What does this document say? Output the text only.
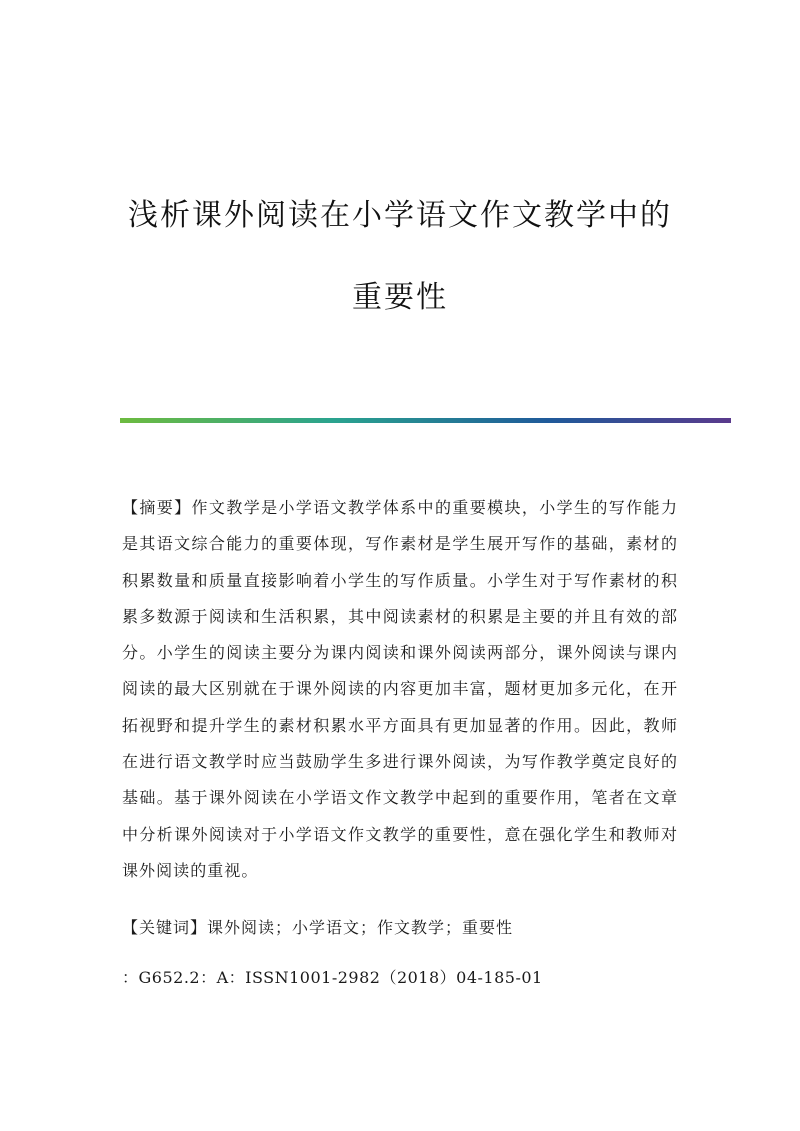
浅析课外阅读在小学语文作文教学中的
重要性

【摘要】作文教学是小学语文教学体系中的重要模块，小学生的写作能力是其语文综合能力的重要体现，写作素材是学生展开写作的基础，素材的积累数量和质量直接影响着小学生的写作质量。小学生对于写作素材的积累多数源于阅读和生活积累，其中阅读素材的积累是主要的并且有效的部分。小学生的阅读主要分为课内阅读和课外阅读两部分，课外阅读与课内阅读的最大区别就在于课外阅读的内容更加丰富，题材更加多元化，在开拓视野和提升学生的素材积累水平方面具有更加显著的作用。因此，教师在进行语文教学时应当鼓励学生多进行课外阅读，为写作教学奠定良好的基础。基于课外阅读在小学语文作文教学中起到的重要作用，笔者在文章中分析课外阅读对于小学语文作文教学的重要性，意在强化学生和教师对课外阅读的重视。

【关键词】课外阅读；小学语文；作文教学；重要性
：G652.2：A：ISSN1001-2982（2018）04-185-01
